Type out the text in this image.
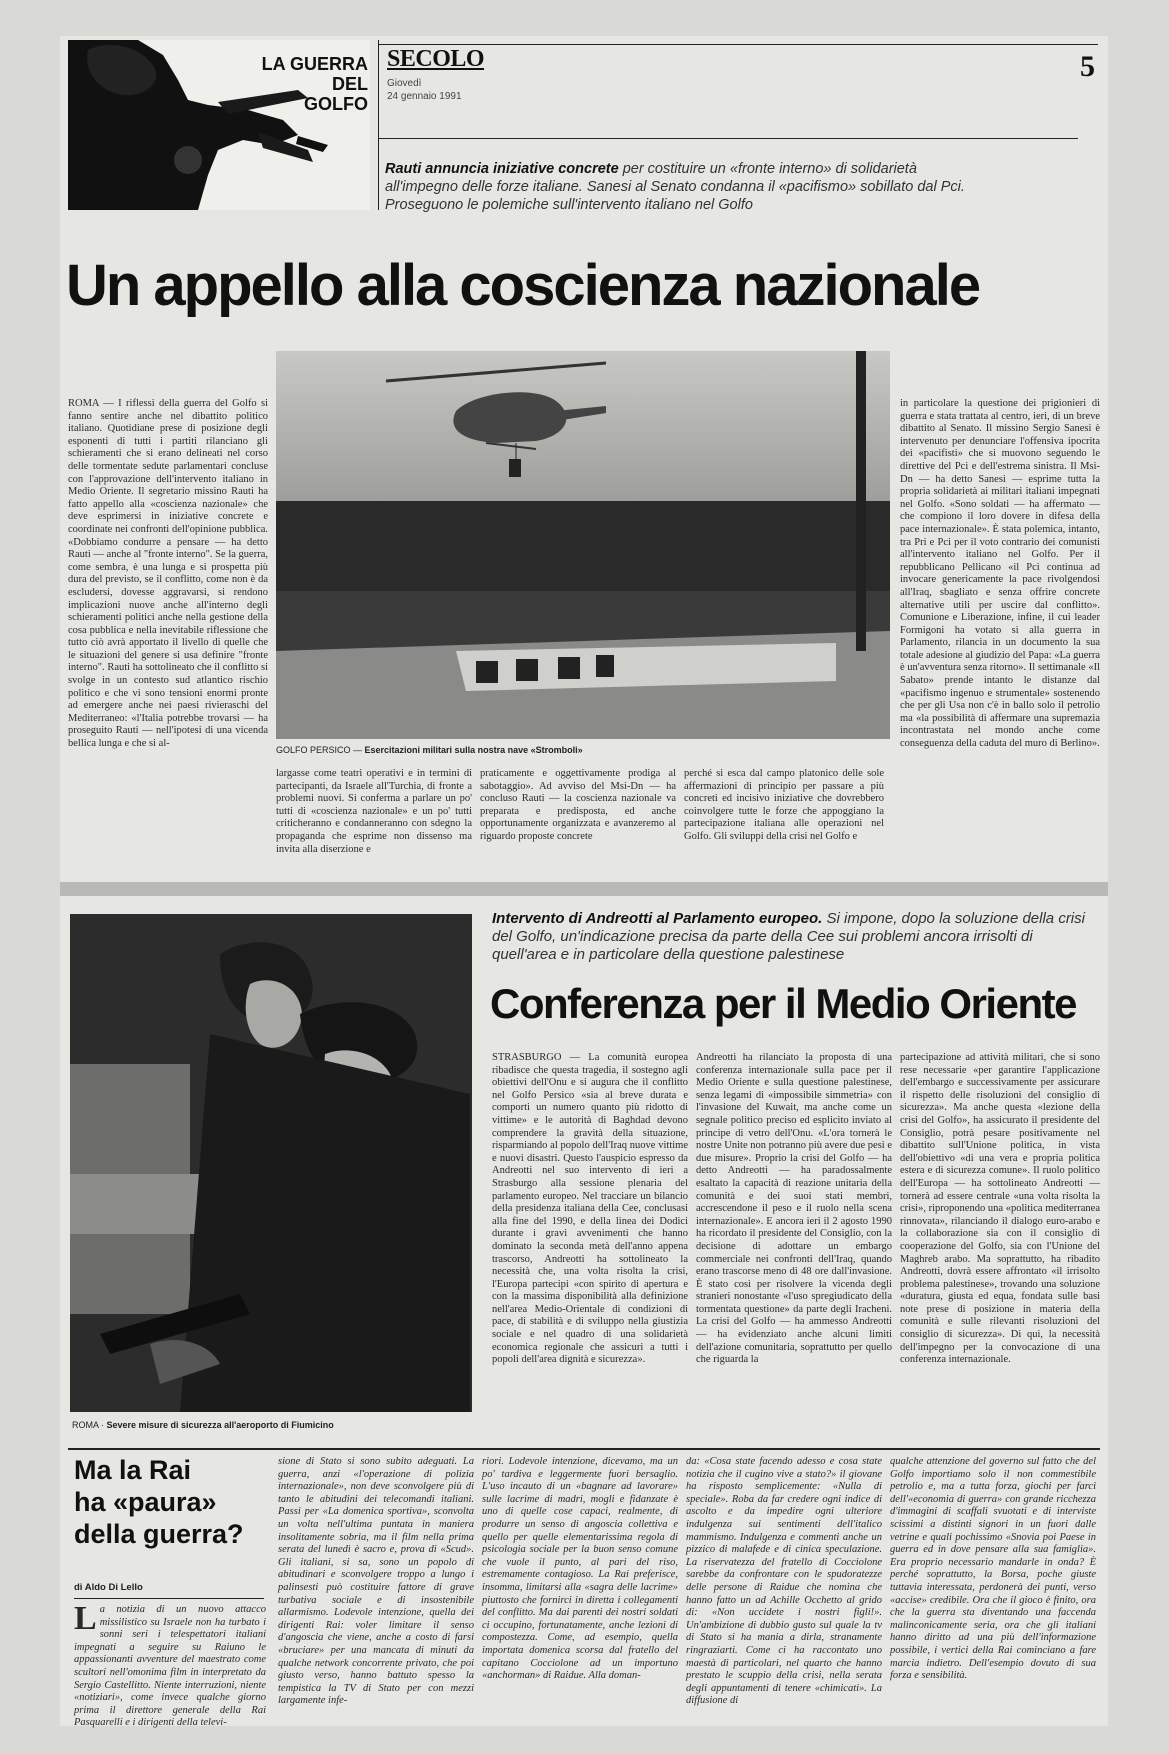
LA GUERRA
DEL
GOLFO
SECOLO
Giovedì
24 gennaio 1991
5
Rauti annuncia iniziative concrete per costituire un «fronte interno» di solidarietà all'impegno delle forze italiane. Sanesi al Senato condanna il «pacifismo» sobillato dal Pci. Proseguono le polemiche sull'intervento italiano nel Golfo
Un appello alla coscienza nazionale
ROMA — I riflessi della guerra del Golfo si fanno sentire anche nel dibattito politico italiano. Quotidiane prese di posizione degli esponenti di tutti i partiti rilanciano gli schieramenti che si erano delineati nel corso delle tormentate sedute parlamentari concluse con l'approvazione dell'intervento italiano in Medio Oriente. Il segretario missino Rauti ha fatto appello alla «coscienza nazionale» che deve esprimersi in iniziative concrete e coordinate nei confronti dell'opinione pubblica. «Dobbiamo condurre a pensare — ha detto Rauti — anche al "fronte interno". Se la guerra, come sembra, è una lunga e si prospetta più dura del previsto, se il conflitto, come non è da escludersi, dovesse aggravarsi, si rendono implicazioni nuove anche all'interno degli schieramenti politici anche nella gestione della cosa pubblica e nella inevitabile riflessione che tutto ciò avrà apportato il livello di quelle che le situazioni del genere si usa definire "fronte interno". Rauti ha sottolineato che il conflitto si svolge in un contesto sud atlantico rischio politico e che vi sono tensioni enormi pronte ad emergere anche nei paesi rivieraschi del Mediterraneo: «l'Italia potrebbe trovarsi — ha proseguito Rauti — nell'ipotesi di una vicenda bellica lunga e che si al-
GOLFO PERSICO — Esercitazioni militari sulla nostra nave «Stromboli»
largasse come teatri operativi e in termini di partecipanti, da Israele all'Turchia, di fronte a problemi nuovi. Si conferma a parlare un po' tutti di «coscienza nazionale» e un po' tutti criticheranno e condanneranno con sdegno la propaganda che esprime non dissenso ma invita alla diserzione e
praticamente e oggettivamente prodiga al sabotaggio». Ad avviso del Msi-Dn — ha concluso Rauti — la coscienza nazionale va preparata e predisposta, ed anche opportunamente organizzata e avanzeremo al riguardo proposte concrete
perché si esca dal campo platonico delle sole affermazioni di principio per passare a più concreti ed incisivo iniziative che dovrebbero coinvolgere tutte le forze che appoggiano la partecipazione italiana alle operazioni nel Golfo. Gli sviluppi della crisi nel Golfo e
in particolare la questione dei prigionieri di guerra e stata trattata al centro, ieri, di un breve dibattito al Senato. Il missino Sergio Sanesi è intervenuto per denunciare l'offensiva ipocrita dei «pacifisti» che si muovono seguendo le direttive del Pci e dell'estrema sinistra. Il Msi-Dn — ha detto Sanesi — esprime tutta la propria solidarietà ai militari italiani impegnati nel Golfo. «Sono soldati — ha affermato — che compiono il loro dovere in difesa della pace internazionale». È stata polemica, intanto, tra Pri e Pci per il voto contrario dei comunisti all'intervento italiano nel Golfo. Per il repubblicano Pellicano «il Pci continua ad invocare genericamente la pace rivolgendosi all'Iraq, sbagliato e senza offrire concrete alternative utili per uscire dal conflitto». Comunione e Liberazione, infine, il cui leader Formigoni ha votato sì alla guerra in Parlamento, rilancia in un documento la sua totale adesione al giudizio del Papa: «La guerra è un'avventura senza ritorno». Il settimanale «Il Sabato» prende intanto le distanze dal «pacifismo ingenuo e strumentale» sostenendo che per gli Usa non c'è in ballo solo il petrolio ma «la possibilità di affermare una supremazia incontrastata nel mondo anche come conseguenza della caduta del muro di Berlino».
ROMA · Severe misure di sicurezza all'aeroporto di Fiumicino
Intervento di Andreotti al Parlamento europeo. Si impone, dopo la soluzione della crisi del Golfo, un'indicazione precisa da parte della Cee sui problemi ancora irrisolti di quell'area e in particolare della questione palestinese
Conferenza per il Medio Oriente
STRASBURGO — La comunità europea ribadisce che questa tragedia, il sostegno agli obiettivi dell'Onu e si augura che il conflitto nel Golfo Persico «sia al breve durata e comporti un numero quanto più ridotto di vittime» e le autorità di Baghdad devono comprendere la gravità della situazione, risparmiando al popolo dell'Iraq nuove vittime e nuovi disastri. Questo l'auspicio espresso da Andreotti nel suo intervento di ieri a Strasburgo alla sessione plenaria del parlamento europeo. Nel tracciare un bilancio della presidenza italiana della Cee, conclusasi alla fine del 1990, e della linea dei Dodici durante i gravi avvenimenti che hanno dominato la seconda metà dell'anno appena trascorso, Andreotti ha sottolineato la necessità che, una volta risolta la crisi, l'Europa partecipi «con spirito di apertura e con la massima disponibilità alla definizione nell'area Medio-Orientale di condizioni di pace, di stabilità e di sviluppo nella giustizia sociale e nel quadro di una solidarietà economica regionale che assicuri a tutti i popoli dell'area dignità e sicurezza».
Andreotti ha rilanciato la proposta di una conferenza internazionale sulla pace per il Medio Oriente e sulla questione palestinese, senza legami di «impossibile simmetria» con l'invasione del Kuwait, ma anche come un segnale politico preciso ed esplicito inviato al principe di vetro dell'Onu. «L'ora tornerà le nostre Unite non potranno più avere due pesi e due misure». Proprio la crisi del Golfo — ha detto Andreotti — ha paradossalmente esaltato la capacità di reazione unitaria della comunità e dei suoi stati membri, accrescendone il peso e il ruolo nella scena internazionale». E ancora ieri il 2 agosto 1990 ha ricordato il presidente del Consiglio, con la decisione di adottare un embargo commerciale nei confronti dell'Iraq, quando erano trascorse meno di 48 ore dall'invasione. È stato così per risolvere la vicenda degli stranieri nonostante «l'uso spregiudicato della tormentata questione» da parte degli Iracheni. La crisi del Golfo — ha ammesso Andreotti — ha evidenziato anche alcuni limiti dell'azione comunitaria, soprattutto per quello che riguarda la
partecipazione ad attività militari, che si sono rese necessarie «per garantire l'applicazione dell'embargo e successivamente per assicurare il rispetto delle risoluzioni del consiglio di sicurezza». Ma anche questa «lezione della crisi del Golfo», ha assicurato il presidente del Consiglio, potrà pesare positivamente nel dibattito sull'Unione politica, in vista dell'obiettivo «di una vera e propria politica estera e di sicurezza comune». Il ruolo politico dell'Europa — ha sottolineato Andreotti — tornerà ad essere centrale «una volta risolta la crisi», riproponendo una «politica mediterranea rinnovata», rilanciando il dialogo euro-arabo e la collaborazione sia con il consiglio di cooperazione del Golfo, sia con l'Unione del Maghreb arabo. Ma soprattutto, ha ribadito Andreotti, dovrà essere affrontato «il irrisolto problema palestinese», trovando una soluzione «duratura, giusta ed equa, fondata sulle basi note prese di posizione in materia della comunità e sulle rilevanti risoluzioni del consiglio di sicurezza». Di qui, la necessità dell'impegno per la convocazione di una conferenza internazionale.
Ma la Rai
ha «paura»
della guerra?
di Aldo Di Lello
La notizia di un nuovo attacco missilistico su Israele non ha turbato i sonni seri i telespettatori italiani impegnati a seguire su Raiuno le appassionanti avventure del maestrato come scultori nell'omonima film in interpretato da Sergio Castellitto. Niente interruzioni, niente «notiziari», come invece qualche giorno prima il direttore generale della Rai Pasquarelli e i dirigenti della televi-
sione di Stato si sono subito adeguati. La guerra, anzi «l'operazione di polizia internazionale», non deve sconvolgere più di tanto le abitudini dei telecomandi italiani. Passi per «La domenica sportiva», sconvolta un volta nell'ultima puntata in maniera insolitamente sobria, ma il film nella prima serata del lunedì è sacro e, prova di «Scud». Gli italiani, si sa, sono un popolo di abitudinari e sconvolgere troppo a lungo i palinsesti può costituire fattore di grave turbativa sociale e di insostenibile allarmismo. Lodevole intenzione, quella dei dirigenti Rai: voler limitare il senso d'angoscia che viene, anche a costo di farsi «bruciare» per una mancata di minuti da qualche network concorrente privato, che poi giusto verso, hanno battuto spesso la tempistica la TV di Stato per con mezzi largamente infe-
riori. Lodevole intenzione, dicevamo, ma un po' tardiva e leggermente fuori bersaglio. L'uso incauto di un «bagnare ad lavorare» sulle lacrime di madri, mogli e fidanzate è uno di quelle cose capaci, realmente, di produrre un senso di angoscia collettiva e quello per quelle elementarissima regola di psicologia sociale per la buon senso comune che vuole il punto, al pari del riso, estremamente contagioso. La Rai preferisce, insomma, limitarsi alla «sagra delle lacrime» piuttosto che fornirci in diretta i collegamenti del conflitto. Ma dai parenti dei nostri soldati ci occupino, fortunatamente, anche lezioni di compostezza. Come, ad esempio, quella importata domenica scorsa dal fratello del capitano Cocciolone ad un importuno «anchorman» di Raidue. Alla doman-
da: «Cosa state facendo adesso e cosa state notizia che il cugino vive a stato?» il giovane ha risposto semplicemente: «Nulla di speciale». Roba da far credere ogni indice di ascolto e da impedire ogni ulteriore indulgenza sui sentimenti dell'italico mammismo. Indulgenza e commenti anche un pizzico di malafede e di cinica speculazione. La riservatezza del fratello di Cocciolone sarebbe da confrontare con le spudoratezze delle persone di Raidue che nomina che hanno fatto un ad Achille Occhetto al grido di: «Non uccidete i nostri figli!». Un'ambizione di dubbio gusto sul quale la tv di Stato si ha mania a dirla, stranamente ringraziarti. Come ci ha raccontato uno maestà di particolari, nel quarto che hanno prestato le scuppio della crisi, nella serata degli appuntamenti di tenere «chimicati». La diffusione di
qualche attenzione del governo sul fatto che del Golfo importiamo solo il non commestibile petrolio e, ma a tutta forza, giochi per farci dell'«economia di guerra» con grande ricchezza d'immagini di scaffali svuotati e di interviste scissimi a distinti signori in un fuori dalle vetrine e quali pochissimo «Snovia poi Paese in guerra ed in dove pensare alla sua famiglia». Era proprio necessario mandarle in onda? È perché soprattutto, la Borsa, poche giuste tuttavia interessata, perdonerà dei punti, verso «accise» credibile. Ora che il gioco è finito, ora che la guerra sta diventando una faccenda malinconicamente seria, ora che gli italiani hanno diritto ad una più dell'informazione possibile, i vertici della Rai cominciano a fare marcia indietro. Dell'esempio dovuto di sua forza e sensibilità.
